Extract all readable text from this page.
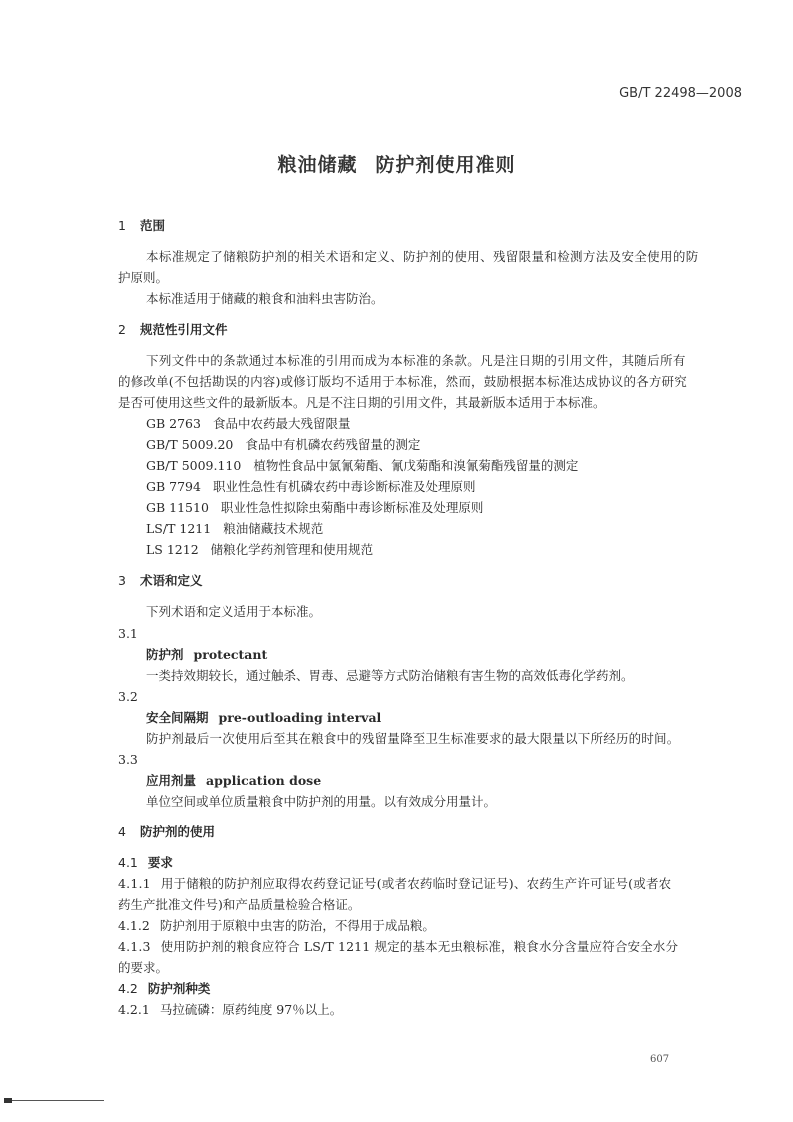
GB/T 22498—2008
粮油储藏 防护剂使用准则
1 范围
本标准规定了储粮防护剂的相关术语和定义、防护剂的使用、残留限量和检测方法及安全使用的防
护原则。
本标准适用于储藏的粮食和油料虫害防治。
2 规范性引用文件
下列文件中的条款通过本标准的引用而成为本标准的条款。凡是注日期的引用文件，其随后所有
的修改单(不包括勘误的内容)或修订版均不适用于本标准，然而，鼓励根据本标准达成协议的各方研究
是否可使用这些文件的最新版本。凡是不注日期的引用文件，其最新版本适用于本标准。
GB 2763 食品中农药最大残留限量
GB/T 5009.20 食品中有机磷农药残留量的测定
GB/T 5009.110 植物性食品中氯氰菊酯、氰戊菊酯和溴氰菊酯残留量的测定
GB 7794 职业性急性有机磷农药中毒诊断标准及处理原则
GB 11510 职业性急性拟除虫菊酯中毒诊断标准及处理原则
LS/T 1211 粮油储藏技术规范
LS 1212 储粮化学药剂管理和使用规范
3 术语和定义
下列术语和定义适用于本标准。
3.1
防护剂 protectant
一类持效期较长，通过触杀、胃毒、忌避等方式防治储粮有害生物的高效低毒化学药剂。
3.2
安全间隔期 pre-outloading interval
防护剂最后一次使用后至其在粮食中的残留量降至卫生标准要求的最大限量以下所经历的时间。
3.3
应用剂量 application dose
单位空间或单位质量粮食中防护剂的用量。以有效成分用量计。
4 防护剂的使用
4.1 要求
4.1.1 用于储粮的防护剂应取得农药登记证号(或者农药临时登记证号)、农药生产许可证号(或者农
药生产批准文件号)和产品质量检验合格证。
4.1.2 防护剂用于原粮中虫害的防治，不得用于成品粮。
4.1.3 使用防护剂的粮食应符合 LS/T 1211 规定的基本无虫粮标准，粮食水分含量应符合安全水分
的要求。
4.2 防护剂种类
4.2.1 马拉硫磷：原药纯度 97％以上。
607
